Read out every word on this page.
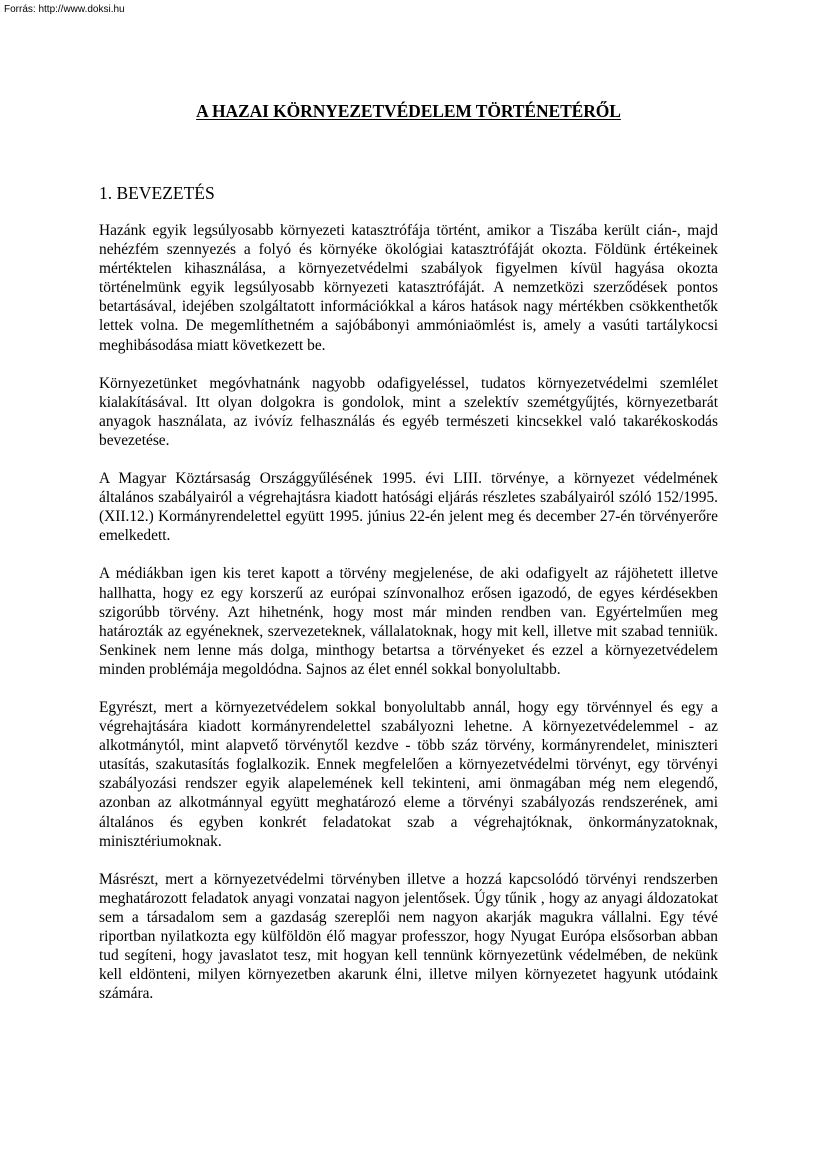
Forrás: http://www.doksi.hu
A HAZAI KÖRNYEZETVÉDELEM TÖRTÉNETÉRŐL
1. BEVEZETÉS

Hazánk egyik legsúlyosabb környezeti katasztrófája történt, amikor a Tiszába került cián-, majd nehézfém szennyezés a folyó és környéke ökológiai katasztrófáját okozta. Földünk értékeinek mértéktelen kihasználása, a környezetvédelmi szabályok figyelmen kívül hagyása okozta történelmünk egyik legsúlyosabb környezeti katasztrófáját. A nemzetközi szerződések pontos betartásával, idejében szolgáltatott információkkal a káros hatások nagy mértékben csökkenthetők lettek volna. De megemlíthetném a sajóbábonyi ammóniaömlést is, amely a vasúti tartálykocsi meghibásodása miatt következett be.

Környezetünket megóvhatnánk nagyobb odafigyeléssel, tudatos környezetvédelmi szemlélet kialakításával. Itt olyan dolgokra is gondolok, mint a szelektív szemétgyűjtés, környezetbarát anyagok használata, az ivóvíz felhasználás és egyéb természeti kincsekkel való takarékoskodás bevezetése.

A Magyar Köztársaság Országgyűlésének 1995. évi LIII. törvénye, a környezet védelmének általános szabályairól a végrehajtásra kiadott hatósági eljárás részletes szabályairól szóló 152/1995.(XII.12.) Kormányrendelettel együtt 1995. június 22-én jelent meg és december 27-én törvényerőre emelkedett.

A médiákban igen kis teret kapott a törvény megjelenése, de aki odafigyelt az rájöhetett illetve hallhatta, hogy ez egy korszerű az európai színvonalhoz erősen igazodó, de egyes kérdésekben szigorúbb törvény. Azt hihetnénk, hogy most már minden rendben van. Egyértelműen meg határozták az egyéneknek, szervezeteknek, vállalatoknak, hogy mit kell, illetve mit szabad tenniük. Senkinek nem lenne más dolga, minthogy betartsa a törvényeket és ezzel a környezetvédelem minden problémája megoldódna. Sajnos az élet ennél sokkal bonyolultabb.

Egyrészt, mert a környezetvédelem sokkal bonyolultabb annál, hogy egy törvénnyel és egy a végrehajtására kiadott kormányrendelettel szabályozni lehetne. A környezetvédelemmel - az alkotmánytól, mint alapvető törvénytől kezdve - több száz törvény, kormányrendelet, miniszteri utasítás, szakutasítás foglalkozik. Ennek megfelelően a környezetvédelmi törvényt, egy törvényi szabályozási rendszer egyik alapelemének kell tekinteni, ami önmagában még nem elegendő, azonban az alkotmánnyal együtt meghatározó eleme a törvényi szabályozás rendszerének, ami általános és egyben konkrét feladatokat szab a végrehajtóknak, önkormányzatoknak, minisztériumoknak.

Másrészt, mert a környezetvédelmi törvényben illetve a hozzá kapcsolódó törvényi rendszerben meghatározott feladatok anyagi vonzatai nagyon jelentősek. Úgy tűnik , hogy az anyagi áldozatokat sem a társadalom sem a gazdaság szereplői nem nagyon akarják magukra vállalni. Egy tévé riportban nyilatkozta egy külföldön élő magyar professzor, hogy Nyugat Európa elsősorban abban tud segíteni, hogy javaslatot tesz, mit hogyan kell tennünk környezetünk védelmében, de nekünk kell eldönteni, milyen környezetben akarunk élni, illetve milyen környezetet hagyunk utódaink számára.
